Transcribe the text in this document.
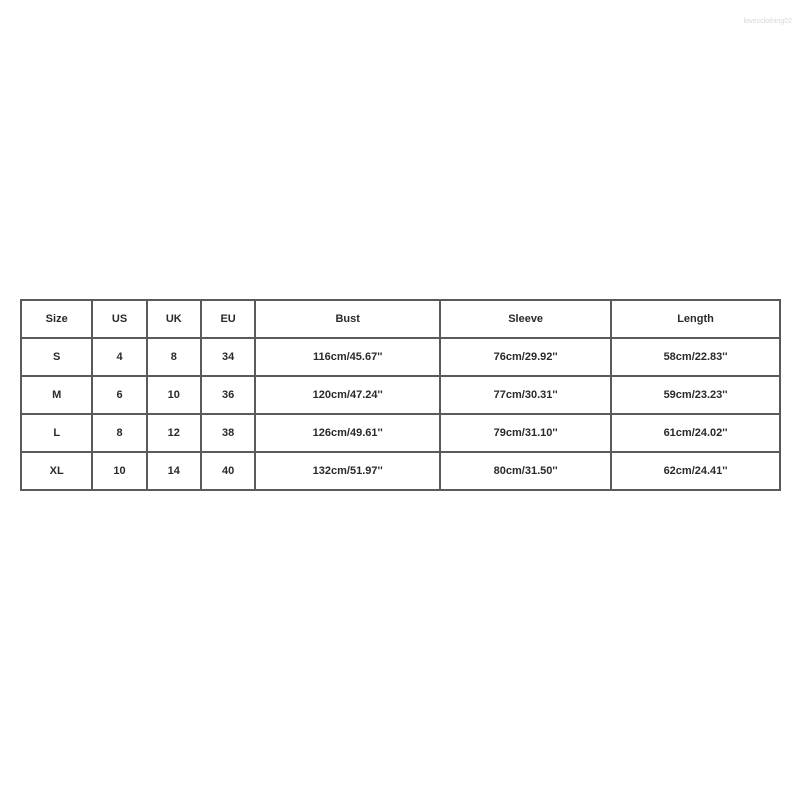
lovecclothing02
Size	US	UK	EU	Bust	Sleeve	Length
S	4	8	34	116cm/45.67''	76cm/29.92''	58cm/22.83''
M	6	10	36	120cm/47.24''	77cm/30.31''	59cm/23.23''
L	8	12	38	126cm/49.61''	79cm/31.10''	61cm/24.02''
XL	10	14	40	132cm/51.97''	80cm/31.50''	62cm/24.41''
